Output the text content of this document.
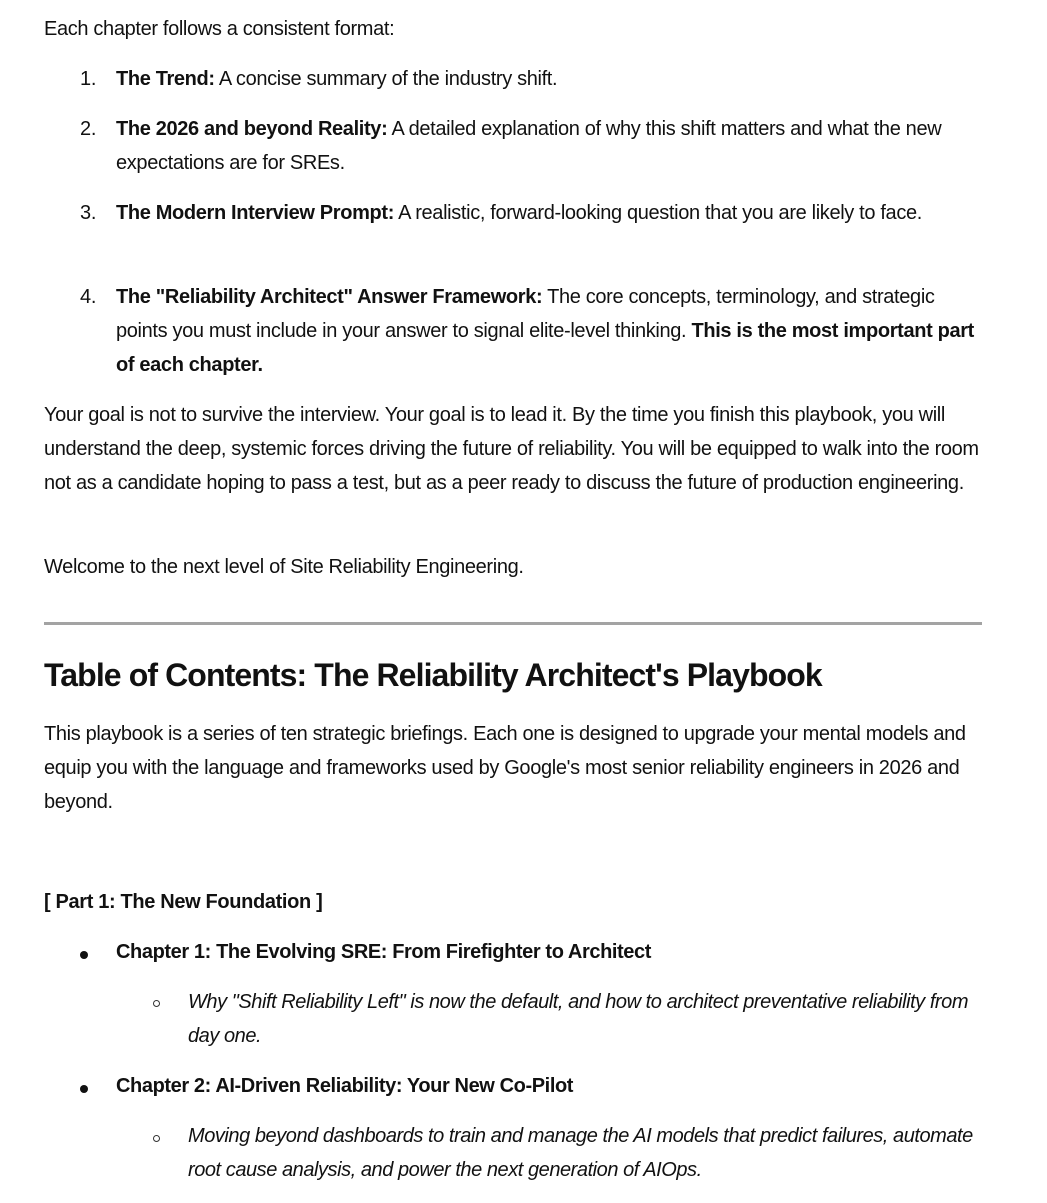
Each chapter follows a consistent format:

1. The Trend: A concise summary of the industry shift.
2. The 2026 and beyond Reality: A detailed explanation of why this shift matters and what the new expectations are for SREs.
3. The Modern Interview Prompt: A realistic, forward-looking question that you are likely to face.
4. The "Reliability Architect" Answer Framework: The core concepts, terminology, and strategic points you must include in your answer to signal elite-level thinking. This is the most important part of each chapter.

Your goal is not to survive the interview. Your goal is to lead it. By the time you finish this playbook, you will understand the deep, systemic forces driving the future of reliability. You will be equipped to walk into the room not as a candidate hoping to pass a test, but as a peer ready to discuss the future of production engineering.

Welcome to the next level of Site Reliability Engineering.

Table of Contents: The Reliability Architect's Playbook

This playbook is a series of ten strategic briefings. Each one is designed to upgrade your mental models and equip you with the language and frameworks used by Google's most senior reliability engineers in 2026 and beyond.

[ Part 1: The New Foundation ]
Chapter 1: The Evolving SRE: From Firefighter to Architect
Why "Shift Reliability Left" is now the default, and how to architect preventative reliability from day one.
Chapter 2: AI-Driven Reliability: Your New Co-Pilot
Moving beyond dashboards to train and manage the AI models that predict failures, automate root cause analysis, and power the next generation of AIOps.
